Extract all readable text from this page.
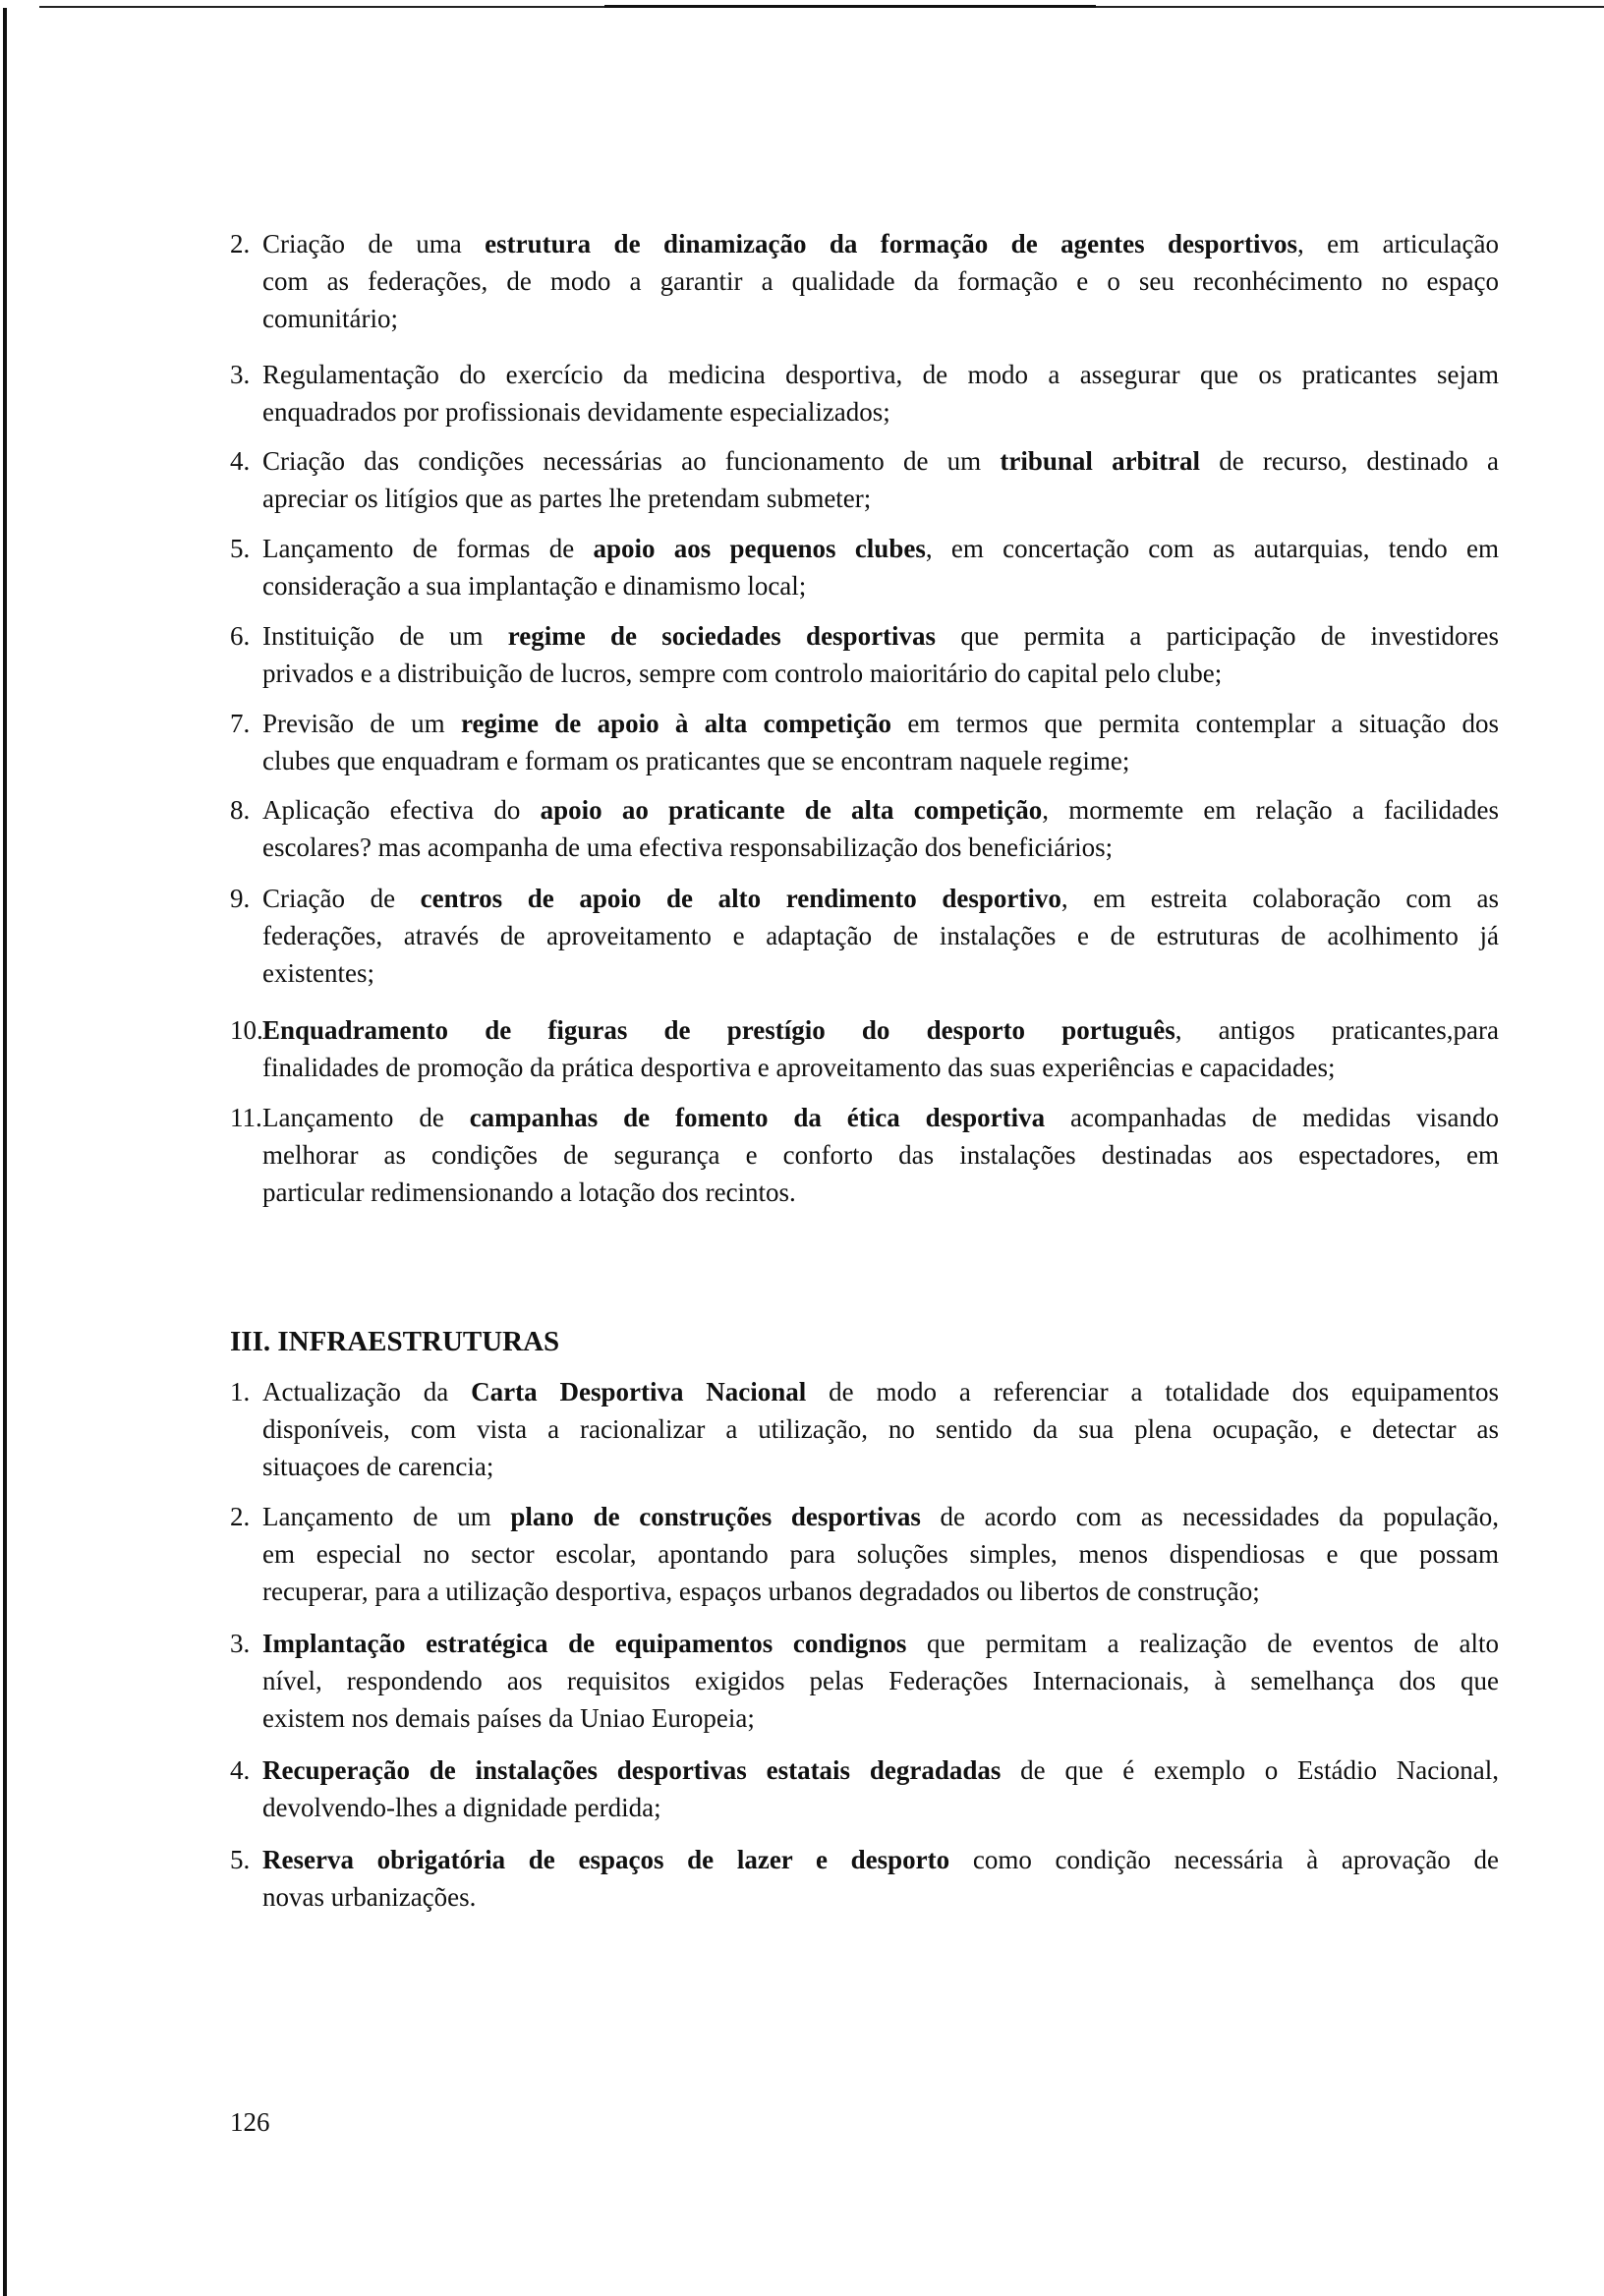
2. Criação de uma estrutura de dinamização da formação de agentes desportivos, em articulação
com as federações, de modo a garantir a qualidade da formação e o seu reconhécimento no espaço
comunitário;
3. Regulamentação do exercício da medicina desportiva, de modo a assegurar que os praticantes sejam
enquadrados por profissionais devidamente especializados;
4. Criação das condições necessárias ao funcionamento de um tribunal arbitral de recurso, destinado a
apreciar os litígios que as partes lhe pretendam submeter;
5. Lançamento de formas de apoio aos pequenos clubes, em concertação com as autarquias, tendo em
consideração a sua implantação e dinamismo local;
6. Instituição de um regime de sociedades desportivas que permita a participação de investidores
privados e a distribuição de lucros, sempre com controlo maioritário do capital pelo clube;
7. Previsão de um regime de apoio à alta competição em termos que permita contemplar a situação dos
clubes que enquadram e formam os praticantes que se encontram naquele regime;
8. Aplicação efectiva do apoio ao praticante de alta competição, mormemte em relação a facilidades
escolares? mas acompanha de uma efectiva responsabilização dos beneficiários;
9. Criação de centros de apoio de alto rendimento desportivo, em estreita colaboração com as
federações, através de aproveitamento e adaptação de instalações e de estruturas de acolhimento já
existentes;
10. Enquadramento de figuras de prestígio do desporto português, antigos praticantes,para
finalidades de promoção da prática desportiva e aproveitamento das suas experiências e capacidades;
11. Lançamento de campanhas de fomento da ética desportiva acompanhadas de medidas visando
melhorar as condições de segurança e conforto das instalações destinadas aos espectadores, em
particular redimensionando a lotação dos recintos.
III. INFRAESTRUTURAS
1. Actualização da Carta Desportiva Nacional de modo a referenciar a totalidade dos equipamentos
disponíveis, com vista a racionalizar a utilização, no sentido da sua plena ocupação, e detectar as
situaçoes de carencia;
2. Lançamento de um plano de construções desportivas de acordo com as necessidades da população,
em especial no sector escolar, apontando para soluções simples, menos dispendiosas e que possam
recuperar, para a utilização desportiva, espaços urbanos degradados ou libertos de construção;
3. Implantação estratégica de equipamentos condignos que permitam a realização de eventos de alto
nível, respondendo aos requisitos exigidos pelas Federações Internacionais, à semelhança dos que
existem nos demais países da Uniao Europeia;
4. Recuperação de instalações desportivas estatais degradadas de que é exemplo o Estádio Nacional,
devolvendo-lhes a dignidade perdida;
5. Reserva obrigatória de espaços de lazer e desporto como condição necessária à aprovação de
novas urbanizações.
126
